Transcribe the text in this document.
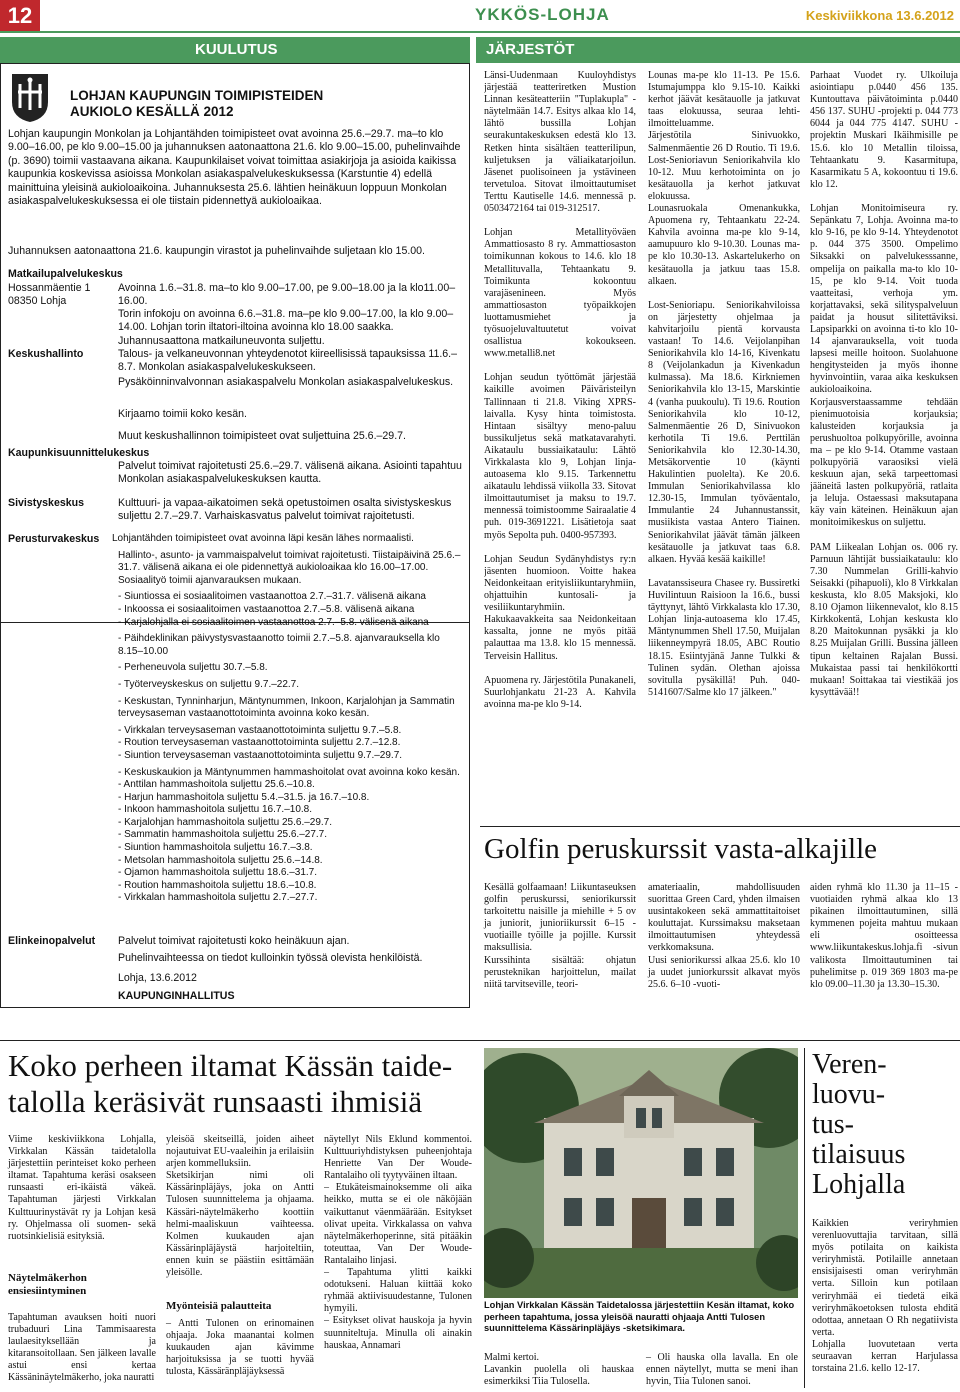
12	YKKÖS-LOHJA	Keskiviikkona 13.6.2012
KUULUTUS	JÄRJESTÖT
LOHJAN KAUPUNGIN TOIMIPISTEIDEN
AUKIOLO KESÄLLÄ 2012
Lohjan kaupungin Monkolan ja Lohjantähden toimipisteet ovat avoinna 25.6.–29.7. ma–to klo 9.00–16.00, pe klo 9.00–15.00 ja juhannuksen aatonaattona 21.6. klo 9.00–15.00, puhelinvaihde (p. 3690) toimii vastaavana aikana. Kaupunkilaiset voivat toimittaa asiakirjoja ja asioida kaikissa kaupunkia koskevissa asioissa Monkolan asiakaspalvelukeskuksessa (Karstuntie 4) edellä mainittuina yleisinä aukioloaikoina. Juhannuksesta 25.6. lähtien heinäkuun loppuun Monkolan asiakaspalvelukeskuksessa ei ole tiistain pidennettyä aukioloaikaa.
Juhannuksen aatonaattona 21.6. kaupungin virastot ja puhelinvaihde suljetaan klo 15.00.
Matkailupalvelukeskus
Hossanmäentie 1
08350 Lohja
Avoinna 1.6.–31.8. ma–to klo 9.00–17.00, pe 9.00–18.00 ja la klo11.00–16.00.
Torin infokoju on avoinna 6.6.–31.8. ma–pe klo 9.00–17.00, la klo 9.00–14.00. Lohjan torin iltatori-iltoina avoinna klo 18.00 saakka. Juhannusaattona matkailuneuvonta suljettu.
Keskushallinto	Talous- ja velkaneuvonnan yhteydenotot kiireellisissä tapauksissa 11.6.–8.7. Monkolan asiakaspalvelukeskukseen.
Pysäköinninvalvonnan asiakaspalvelu Monkolan asiakaspalvelukeskus.
Kirjaamo toimii koko kesän.
Muut keskushallinnon toimipisteet ovat suljettuina 25.6.–29.7.
Kaupunkisuunnittelukeskus
Palvelut toimivat rajoitetusti 25.6.–29.7. välisenä aikana. Asiointi tapahtuu Monkolan asiakaspalvelukeskuksen kautta.
Sivistyskeskus	Kulttuuri- ja vapaa-aikatoimen sekä opetustoimen osalta sivistyskeskus suljettu 2.7.–29.7. Varhaiskasvatus palvelut toimivat rajoitetusti.
Perusturvakeskus Lohjantähden toimipisteet ovat avoinna läpi kesän lähes normaalisti.
Hallinto-, asunto- ja vammaispalvelut toimivat rajoitetusti. Tiistaipäivinä 25.6.– 31.7. välisenä aikana ei ole pidennettyä aukioloaikaa klo 16.00–17.00. Sosiaalityö toimii ajanvarauksen mukaan.
- Siuntiossa ei sosiaalitoimen vastaanottoa 2.7.–31.7. välisenä aikana
- Inkoossa ei sosiaalitoimen vastaanottoa 2.7.–5.8. välisenä aikana
- Karjalohjalla ei sosiaalitoimen vastaanottoa 2.7.–5.8. välisenä aikana
- Päihdeklinikan päivystysvastaanotto toimii 2.7.–5.8. ajanvarauksella klo 8.15–10.00
- Perheneuvola suljettu 30.7.–5.8.
- Työterveyskeskus on suljettu 9.7.–22.7.
- Keskustan, Tynninharjun, Mäntynummen, Inkoon, Karjalohjan ja Sammatin terveysaseman vastaanottotoiminta avoinna koko kesän.
- Virkkalan terveysaseman vastaanottotoiminta suljettu 9.7.–5.8.
- Roution terveysaseman vastaanottotoiminta suljettu 2.7.–12.8.
- Siuntion terveysaseman vastaanottotoiminta suljettu 9.7.–29.7.
- Keskuskaukion ja Mäntynummen hammashoitolat ovat avoinna koko kesän.
- Anttilan hammashoitola suljettu 25.6.–10.8.
- Harjun hammashoitola suljettu 5.4.–31.5. ja 16.7.–10.8.
- Inkoon hammashoitola suljettu 16.7.–10.8.
- Karjalohjan hammashoitola suljettu 25.6.–29.7.
- Sammatin hammashoitola suljettu 25.6.–27.7.
- Siuntion hammashoitola suljettu 16.7.–3.8.
- Metsolan hammashoitola suljettu 25.6.–14.8.
- Ojamon hammashoitola suljettu 18.6.–31.7.
- Roution hammashoitola suljettu 18.6.–10.8.
- Virkkalan hammashoitola suljettu 2.7.–27.7.
Elinkeinopalvelut Palvelut toimivat rajoitetusti koko heinäkuun ajan.
Puhelinvaihteessa on tiedot kulloinkin työssä olevista henkilöistä.
Lohja, 13.6.2012
KAUPUNGINHALLITUS
Länsi-Uudenmaan Kuuloyhdistys järjestää teatteriretken Mustion Linnan kesäteatteriin "Tuplakupla" -näytelmään 14.7. Esitys alkaa klo 14, lähtö bussilla Lohjan seurakuntakeskuksen edestä klo 13. Retken hinta sisältäen teatterilipun, kuljetuksen ja väliaikatarjoilun. Jäsenet puolisoineen ja ystävineen tervetuloa. Sitovat ilmoittautumiset Terttu Kautiselle 14.6. mennessä p. 0503472164 tai 019-312517.

Lohjan Metallityöväen Ammattiosasto 8 ry. Ammattiosaston toimikunnan kokous to 14.6. klo 18 Metallituvalla, Tehtaankatu 9. Toimikunta kokoontuu varajäsenineen. Myös ammattiosaston työpaikkojen luottamusmiehet ja työsuojeluvaltuutetut voivat osallistua kokoukseen. www.metalli8.net

Lohjan seudun työttömät järjestää kaikille avoimen Päiväristeilyn Tallinnaan ti 21.8. Viking XPRS-laivalla. Kysy hinta toimistosta. Hintaan sisältyy meno-paluu bussikuljetus sekä matkatavarahyti. Aikataulu bussiaikataulu: Lähtö Virkkalasta klo 9, Lohjan linja-autoasema klo 9.15. Tarkennettu aikataulu lehdissä viikolla 33. Sitovat ilmoittautumiset ja maksu to 19.7. mennessä toimistoomme Sairaalatie 4 puh. 019-3691221. Lisätietoja saat myös Sepolta puh. 0400-957393.

Lohjan Seudun Sydänyhdistys ry:n jäsenten huomioon. Voitte hakea Neidonkeitaan erityisliikuntaryhmiin, ohjattuihin kuntosali- ja vesiliikuntaryhmiin. Hakukaavakkeita saa Neidonkeitaan kassalta, jonne ne myös pitää palauttaa ma 13.8. klo 15 mennessä. Terveisin Hallitus.

Apuomena ry. Järjestötila Punakaneli, Suurlohjankatu 21-23 A. Kahvila avoinna ma-pe klo 9-14.
Lounas ma-pe klo 11-13. Pe 15.6. Istumajumppa klo 9.15-10. Kaikki kerhot jäävät kesätauolle ja jatkuvat taas elokuussa, seuraa lehti-ilmoitteluamme.
Järjestötila Sinivuokko, Salmenmäentie 26 D Routio. Ti 19.6. Lost-Senioriavun Seniorikahvila klo 10-12. Muu kerhotoiminta on jo kesätauolla ja kerhot jatkuvat elokuussa.
Lounasruokala Omenankukka, Apuomena ry, Tehtaankatu 22-24. Kahvila avoinna ma-pe klo 9-14, aamupuuro klo 9-10.30. Lounas ma-pe klo 10.30-13. Askartelukerho on kesätauolla ja jatkuu taas 15.8. alkaen.

Lost-Senioriapu. Seniorikahviloissa on järjestetty ohjelmaa ja kahvitarjoilu pientä korvausta vastaan! To 14.6. Veijolanpihan Seniorikahvila klo 14-16, Kivenkatu 8 (Veijolankadun ja Kivenkadun kulmassa). Ma 18.6. Kirkniemen Seniorikahvila klo 13-15, Marskintie 4 (vanha puukoulu). Ti 19.6. Roution Seniorikahvila klo 10-12, Salmenmäentie 26 D, Sinivuokon kerhotila Ti 19.6. Perttilän Seniorikahvila klo 12.30-14.30, Metsäkorventie 10 (käynti Hakulintien puolelta). Ke 20.6. Immulan Seniorikahvilassa klo 12.30-15, Immulan työväentalo, Immulantie 24 Juhannustanssit, musiikista vastaa Antero Tiainen. Seniorikahvilat jäävät tämän jälkeen kesätauolle ja jatkuvat taas 6.8. alkaen. Hyvää kesää kaikille!

Lavatanssiseura Chasee ry. Bussiretki Huvilintuun Raisioon la 16.6., bussi täyttynyt, lähtö Virkkalasta klo 17.30, Lohjan linja-autoasema klo 17.45, Mäntynummen Shell 17.50, Muijalan liikenneympyrä 18.05, ABC Routio 18.15. Esiintyjänä Janne Tulkki & Tulinen sydän. Olethan ajoissa sovitulla pysäkillä! Puh. 040-5141607/Salme klo 17 jälkeen."
Parhaat Vuodet ry. Ulkoiluja asiointiapu p.0440 456 135. Kuntouttava päivätoiminta p.0440 456 137. SUHU -projekti p. 044 773 6044 ja 044 775 4147. SUHU -projektin Muskari Ikäihmisille pe 15.6. klo 10 Metallin tiloissa, Tehtaankatu 9. Kasarmitupa, Kasarmikatu 5 A, kokoontuu ti 19.6. klo 12.

Lohjan Monitoimiseura ry. Sepänkatu 7, Lohja. Avoinna ma-to klo 9-16, pe klo 9-14. Yhteydenotot p. 044 375 3500. Ompelimo Siksakki on palvelukesssanne, ompelija on paikalla ma-to klo 10-15, pe klo 9-14. Voit tuoda vaatteitasi, verhoja ym. korjattavaksi, sekä silityspalveluun paidat ja housut silitettäviksi. Lapsiparkki on avoinna ti-to klo 10-14 ajanvarauksella, voit tuoda lapsesi meille hoitoon. Suolahuone hengitysteiden ja myös ihonne hyvinvointiin, varaa aika keskuksen aukioloaikoina. Korjausverstaassamme tehdään pienimuotoisia korjauksia; kalusteiden korjauksia ja perushuoltoa polkupyörille, avoinna ma – pe klo 9-14. Otamme vastaan polkupyöriä varaosiksi vielä keskuun ajan, sekä tarpeettomasi jääneitä lasten polkupyöriä, ratlaita ja leluja. Ostaessasi maksutapana käy vain käteinen. Heinäkuun ajan monitoimikeskus on suljettu.

PAM Liikealan Lohjan os. 006 ry. Parnuun lähtijät bussiaikataulu: klo 7.30 Nummelan Grilli-kahvio Seisakki (pihapuoli), klo 8 Virkkalan keskusta, klo 8.05 Maksjoki, klo 8.10 Ojamon liikennevalot, klo 8.15 Kirkkokentä, Lohjan keskusta klo 8.20 Maitokunnan pysäkki ja klo 8.25 Muijalan Grilli. Bussina jälleen tipun keltainen Rajalan Bussi. Mukaistaa passi tai henkilökortti mukaan! Soittakaa tai viestikää jos kysyttävää!!
Golfin peruskurssit vasta-alkajille
Kesällä golfaamaan! Liikuntaseuksen golfin peruskurssi, seniorikurssit tarkoitettu naisille ja miehille + 5 ov ja juniorit, junioriikurssit 6–15 -vuotiaille työille ja pojille. Kurssit maksullisia.
Kurssihinta sisältää: ohjatun perusteknikan harjoittelun, mailat niitä tarvitseville, teori-
amateriaalin, mahdollisuuden suorittaa Green Card, yhden ilmaisen uusintakokeen sekä ammattitaitoiset kouluttajat. Kurssimaksu maksetaan ilmoittautumisen yhteydessä verkkomaksuna.
Uusi seniorikurssi alkaa 25.6. klo 10 ja uudet juniorkurssit alkavat myös 25.6. 6–10 -vuoti-
aiden ryhmä klo 11.30 ja 11–15 -vuotiaiden ryhmä alkaa klo 13 pikainen ilmoittautuminen, sillä kymmenen pojeita mahtuu mukaan eli osoitteessa www.liikuntakeskus.lohja.fi -sivun valikosta Ilmoittautuminen tai puhelimitse p. 019 369 1803 ma-pe klo 09.00–11.30 ja 13.30–15.30.
Koko perheen iltamat Kässän taide-
talolla keräsivät runsaasti ihmisiä
Viime keskiviikkona Lohjalla, Virkkalan Kässän taidetalolla järjestettiin perinteiset koko perheen iltamat. Tapahtuma keräsi osakseen runsaasti eri-ikäistä väkeä. Tapahtuman järjesti Virkkalan Kulttuurinystävät ry ja Lohjan kesä ry. Ohjelmassa oli suomen- sekä ruotsinkielisiä esityksiä.
Näytelmäkerhon ensiesiintyminen
Tapahtuman avauksen hoiti nuori trubaduuri Lina Tammisaaresta laulaesityksellään ja kitaransoitollaan. Sen jälkeen lavalle astui ensi kertaa Kässäninäytelmäkerho, joka nauratti
yleisöä skeitseillä, joiden aiheet nojautuivat EU-vaaleihin ja erilaisiin arjen kommelluksiin.
Sketsikirjan nimi oli Kässärinpläjäys, joka on Antti Tulosen suunnittelema ja ohjaama. Kässäri-näytelmäkerho koottiin helmi-maaliskuun vaihteessa. Kolmen kuukauden ajan Kässärinpläjäystä harjoiteltiin, ennen kuin se päästiin esittämään yleisölle.
Myönteisiä palautteita
– Antti Tulonen on erinomainen ohjaaja. Joka maanantai kolmen kuukauden ajan kävimme harjoituksissa ja se tuotti hyvää tulosta, Kässäränpläjäyksessä
näytellyt Nils Eklund kommentoi. Kulttuuriyhdistyksen puheenjohtaja Henriette Van Der Woude-Rantalaiho oli tyytyväinen iltaan.
– Etukäteismainoksemme oli aika heikko, mutta se ei ole näköjään vaikuttanut väenmäärään. Esitykset olivat upeita. Virkkalassa on vahva näytelmäkerhoperinne, sitä pitääkin toteuttaa, Van Der Woude-Rantalaiho linjasi.
– Tapahtuma ylitti kaikki odotukseni. Haluan kiittää koko ryhmää aktiivisuudestanne, Tulonen hymyili.
– Esitykset olivat hauskoja ja hyvin suunniteltuja. Minulla oli ainakin hauskaa, Annamari
Lohjan Virkkalan Kässän Taidetalossa järjestettiin Kesän iltamat, koko perheen tapahtuma, jossa yleisöä nauratti ohjaaja Antti Tulosen suunnittelema Kässärinpläjäys -sketsikimara.
Malmi kertoi.
Lavankin puolella oli hauskaa esimerkiksi Tiia Tulosella.
– Oli hauska olla lavalla. En ole ennen näytellyt, mutta se meni ihan hyvin, Tiia Tulonen sanoi.
Veren-
luovu-
tus-
tilaisuus
Lohjalla
Kaikkien veriryhmien verenluovuttajia tarvitaan, sillä myös potilaita on kaikista veriryhmistä. Potilaille annetaan ensisijaisesti oman veriryhmän verta. Silloin kun potilaan veriryhmää ei tiedetä eikä veriryhmäkoetoksen tulosta ehditä odottaa, annetaan O Rh negatiivista verta.
Lohjalla luovutetaan verta seuraavan kerran Harjulassa torstaina 21.6. kello 12-17.
